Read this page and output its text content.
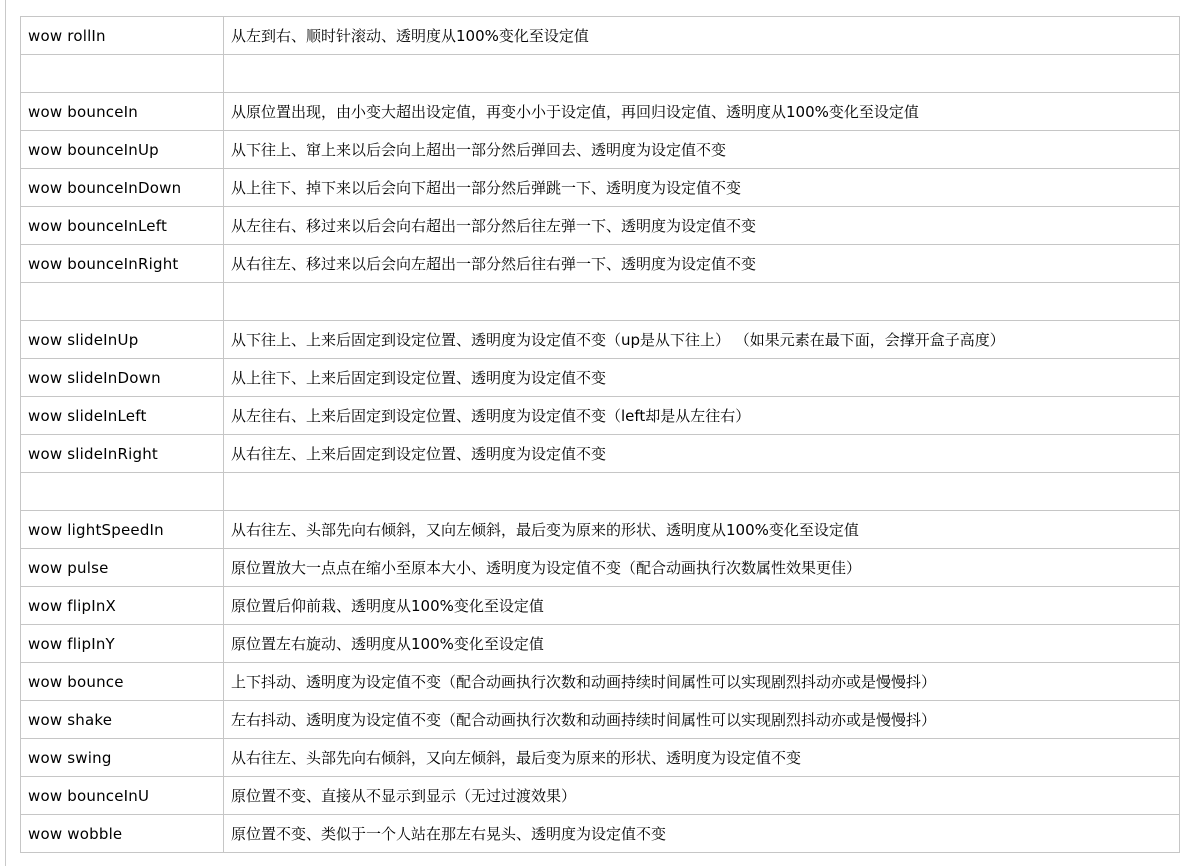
wow rollIn	从左到右、顺时针滚动、透明度从100%变化至设定值

wow bounceIn	从原位置出现，由小变大超出设定值，再变小小于设定值，再回归设定值、透明度从100%变化至设定值
wow bounceInUp	从下往上、窜上来以后会向上超出一部分然后弹回去、透明度为设定值不变
wow bounceInDown	从上往下、掉下来以后会向下超出一部分然后弹跳一下、透明度为设定值不变
wow bounceInLeft	从左往右、移过来以后会向右超出一部分然后往左弹一下、透明度为设定值不变
wow bounceInRight	从右往左、移过来以后会向左超出一部分然后往右弹一下、透明度为设定值不变

wow slideInUp	从下往上、上来后固定到设定位置、透明度为设定值不变（up是从下往上） （如果元素在最下面，会撑开盒子高度）
wow slideInDown	从上往下、上来后固定到设定位置、透明度为设定值不变
wow slideInLeft	从左往右、上来后固定到设定位置、透明度为设定值不变（left却是从左往右）
wow slideInRight	从右往左、上来后固定到设定位置、透明度为设定值不变

wow lightSpeedIn	从右往左、头部先向右倾斜，又向左倾斜，最后变为原来的形状、透明度从100%变化至设定值
wow pulse	原位置放大一点点在缩小至原本大小、透明度为设定值不变（配合动画执行次数属性效果更佳）
wow flipInX	原位置后仰前栽、透明度从100%变化至设定值
wow flipInY	原位置左右旋动、透明度从100%变化至设定值
wow bounce	上下抖动、透明度为设定值不变（配合动画执行次数和动画持续时间属性可以实现剧烈抖动亦或是慢慢抖）
wow shake	左右抖动、透明度为设定值不变（配合动画执行次数和动画持续时间属性可以实现剧烈抖动亦或是慢慢抖）
wow swing	从右往左、头部先向右倾斜，又向左倾斜，最后变为原来的形状、透明度为设定值不变
wow bounceInU	原位置不变、直接从不显示到显示（无过过渡效果）
wow wobble	原位置不变、类似于一个人站在那左右晃头、透明度为设定值不变
